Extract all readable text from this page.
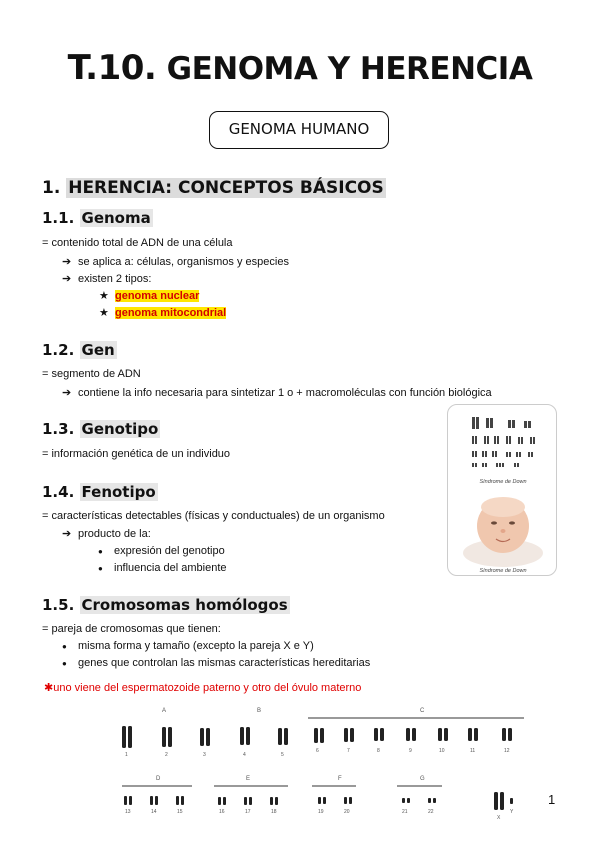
T.10. GENOMA Y HERENCIA
GENOMA HUMANO
1. HERENCIA: CONCEPTOS BÁSICOS
1.1. Genoma
= contenido total de ADN de una célula
➔ se aplica a: células, organismos y especies
➔ existen 2 tipos:
★ genoma nuclear
★ genoma mitocondrial
1.2. Gen
= segmento de ADN
➔ contiene la info necesaria para sintetizar 1 o + macromoléculas con función biológica
1.3. Genotipo
= información genética de un individuo
1.4. Fenotipo
= características detectables (físicas y conductuales) de un organismo
➔ producto de la:
● expresión del genotipo
● influencia del ambiente
1.5. Cromosomas homólogos
= pareja de cromosomas que tienen:
● misma forma y tamaño (excepto la pareja X e Y)
● genes que controlan las mismas características hereditarias
✱uno viene del espermatozoide paterno y otro del óvulo materno
Síndrome de Down
Síndrome de Down
A	B	C
1	2	3	4	5
6	7	8	9	10	11	12
D	E	F	G
13	14	15	16	17	18	19	20	21	22
X
Y
1
